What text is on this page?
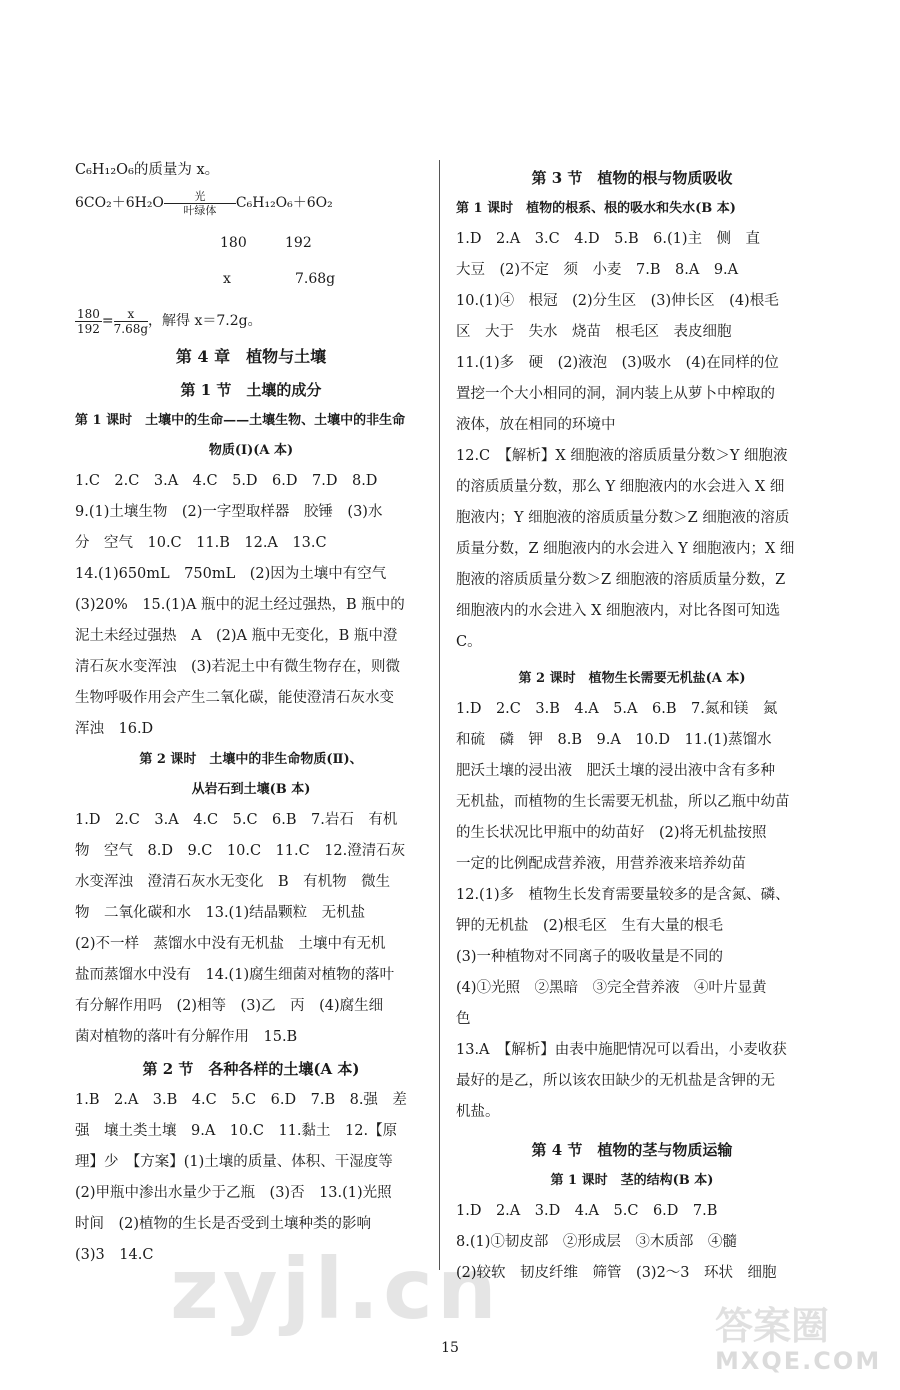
C₆H₁₂O₆的质量为 x。
6CO₂＋6H₂O	光
叶绿体	C₆H₁₂O₆＋6O₂
180	192
x	7.68g
$\frac{180}{192} = \frac{x}{7.68g}$ ，解得 x＝7.2g。
第 4 章　植物与土壤
第 1 节　土壤的成分
第 1 课时　土壤中的生命——土壤生物、土壤中的非生命
物质(Ⅰ)(A 本)
1.C　2.C　3.A　4.C　5.D　6.D　7.D　8.D
9.(1)土壤生物　(2)一字型取样器　胶锤　(3)水
分　空气　10.C　11.B　12.A　13.C
14.(1)650mL　750mL　(2)因为土壤中有空气
(3)20%　15.(1)A 瓶中的泥土经过强热，B 瓶中的
泥土未经过强热　A　(2)A 瓶中无变化，B 瓶中澄
清石灰水变浑浊　(3)若泥土中有微生物存在，则微
生物呼吸作用会产生二氧化碳，能使澄清石灰水变
浑浊　16.D
第 2 课时　土壤中的非生命物质(Ⅱ)、
从岩石到土壤(B 本)
1.D　2.C　3.A　4.C　5.C　6.B　7.岩石　有机
物　空气　8.D　9.C　10.C　11.C　12.澄清石灰
水变浑浊　澄清石灰水无变化　B　有机物　微生
物　二氧化碳和水　13.(1)结晶颗粒　无机盐
(2)不一样　蒸馏水中没有无机盐　土壤中有无机
盐而蒸馏水中没有　14.(1)腐生细菌对植物的落叶
有分解作用吗　(2)相等　(3)乙　丙　(4)腐生细
菌对植物的落叶有分解作用　15.B
第 2 节　各种各样的土壤(A 本)
1.B　2.A　3.B　4.C　5.C　6.D　7.B　8.强　差
强　壤土类土壤　9.A　10.C　11.黏土　12.【原
理】少　【方案】(1)土壤的质量、体积、干湿度等
(2)甲瓶中渗出水量少于乙瓶　(3)否　13.(1)光照
时间　(2)植物的生长是否受到土壤种类的影响
(3)3　14.C
第 3 节　植物的根与物质吸收
第 1 课时　植物的根系、根的吸水和失水(B 本)
1.D　2.A　3.C　4.D　5.B　6.(1)主　侧　直
大豆　(2)不定　须　小麦　7.B　8.A　9.A
10.(1)④　根冠　(2)分生区　(3)伸长区　(4)根毛
区　大于　失水　烧苗　根毛区　表皮细胞
11.(1)多　硬　(2)液泡　(3)吸水　(4)在同样的位
置挖一个大小相同的洞，洞内装上从萝卜中榨取的
液体，放在相同的环境中
12.C　【解析】X 细胞液的溶质质量分数＞Y 细胞液
的溶质质量分数，那么 Y 细胞液内的水会进入 X 细
胞液内；Y 细胞液的溶质质量分数＞Z 细胞液的溶质
质量分数，Z 细胞液内的水会进入 Y 细胞液内；X 细
胞液的溶质质量分数＞Z 细胞液的溶质质量分数，Z
细胞液内的水会进入 X 细胞液内，对比各图可知选
C。
第 2 课时　植物生长需要无机盐(A 本)
1.D　2.C　3.B　4.A　5.A　6.B　7.氮和镁　氮
和硫　磷　钾　8.B　9.A　10.D　11.(1)蒸馏水
肥沃土壤的浸出液　肥沃土壤的浸出液中含有多种
无机盐，而植物的生长需要无机盐，所以乙瓶中幼苗
的生长状况比甲瓶中的幼苗好　(2)将无机盐按照
一定的比例配成营养液，用营养液来培养幼苗
12.(1)多　植物生长发育需要量较多的是含氮、磷、
钾的无机盐　(2)根毛区　生有大量的根毛
(3)一种植物对不同离子的吸收量是不同的
(4)①光照　②黑暗　③完全营养液　④叶片显黄
色
13.A　【解析】由表中施肥情况可以看出，小麦收获
最好的是乙，所以该农田缺少的无机盐是含钾的无
机盐。
第 4 节　植物的茎与物质运输
第 1 课时　茎的结构(B 本)
1.D　2.A　3.D　4.A　5.C　6.D　7.B
8.(1)①韧皮部　②形成层　③木质部　④髓
(2)较软　韧皮纤维　筛管　(3)2～3　环状　细胞
zyjl.cn
15	答案圈
MXQE.COM
